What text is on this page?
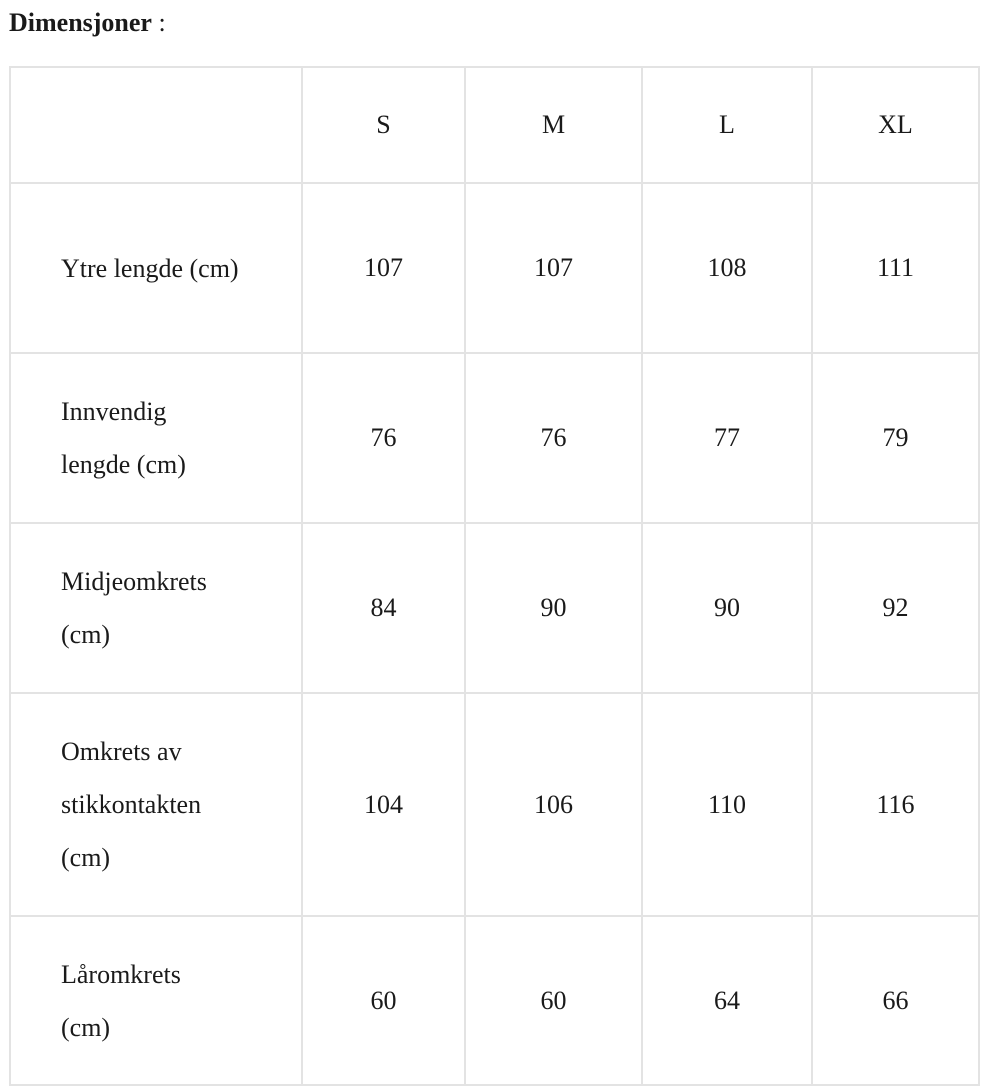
Dimensjoner :
	S	M	L	XL

Ytre lengde (cm)	107	107	108	111

Innvendig lengde (cm)	76	76	77	79

Midjeomkrets (cm)	84	90	90	92

Omkrets av stikkontakten (cm)	104	106	110	116

Låromkrets (cm)	60	60	64	66
